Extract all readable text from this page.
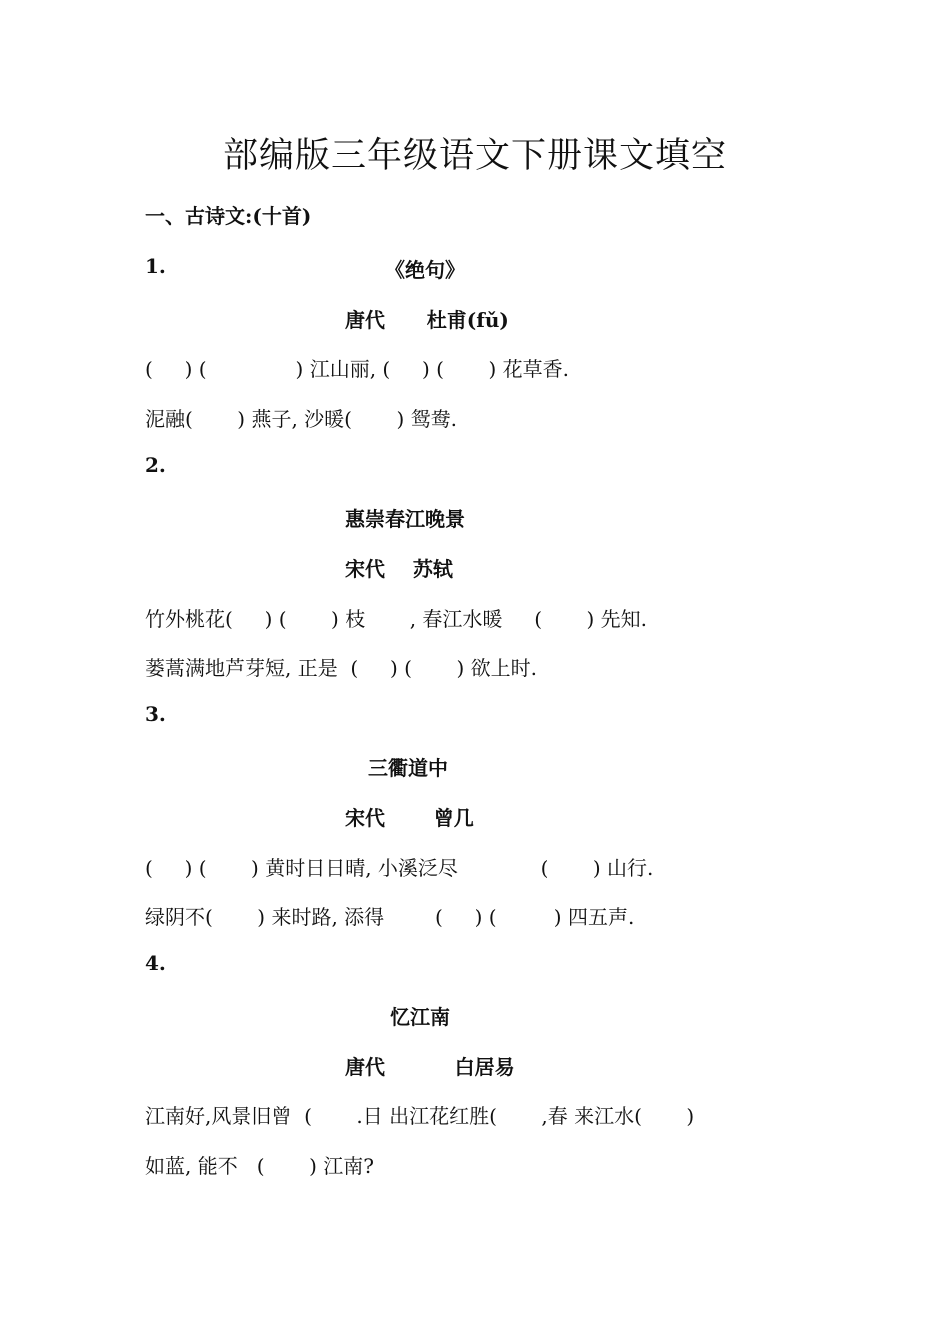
部编版三年级语文下册课文填空
一、古诗文:(十首)
1.	《绝句》
唐代      杜甫(fǔ)
(     ) (              ) 江山丽, (     ) (       ) 花草香.
泥融(       ) 燕子, 沙暖(       ) 鸳鸯.
2.
惠崇春江晚景
宋代    苏轼
竹外桃花(     ) (       ) 枝       , 春江水暖     (       ) 先知.
蒌蒿满地芦芽短, 正是  (     ) (       ) 欲上时.
3.
三衢道中
宋代       曾几
(     ) (       ) 黄时日日晴, 小溪泛尽             (       ) 山行.
绿阴不(       ) 来时路, 添得        (     ) (         ) 四五声.
4.
忆江南
唐代          白居易
江南好,风景旧曾  (       .日 出江花红胜(       ,春 来江水(       )
如蓝, 能不   (       ) 江南?
